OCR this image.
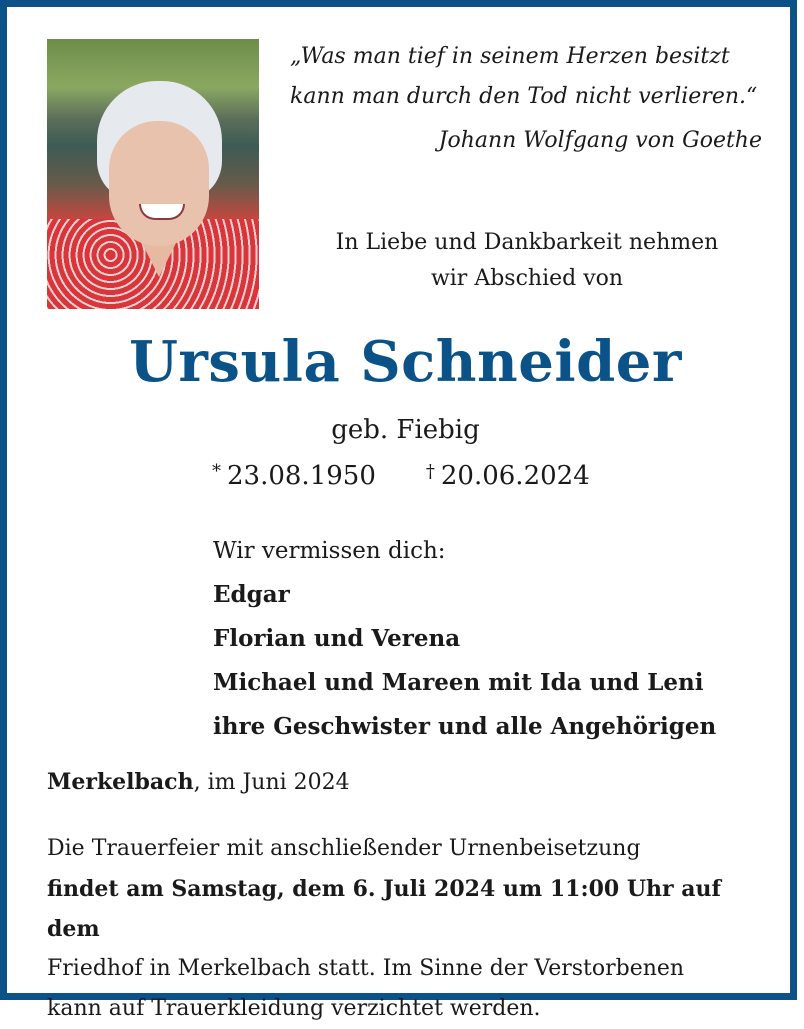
„Was man tief in seinem Herzen besitzt
kann man durch den Tod nicht verlieren.“
Johann Wolfgang von Goethe
In Liebe und Dankbarkeit nehmen
wir Abschied von
Ursula Schneider
geb. Fiebig
* 23.08.1950	† 20.06.2024
Wir vermissen dich:
Edgar
Florian und Verena
Michael und Mareen mit Ida und Leni
ihre Geschwister und alle Angehörigen
Merkelbach, im Juni 2024
Die Trauerfeier mit anschließender Urnenbeisetzung
findet am Samstag, dem 6. Juli 2024 um 11:00 Uhr auf dem
Friedhof in Merkelbach statt. Im Sinne der Verstorbenen
kann auf Trauerkleidung verzichtet werden.
